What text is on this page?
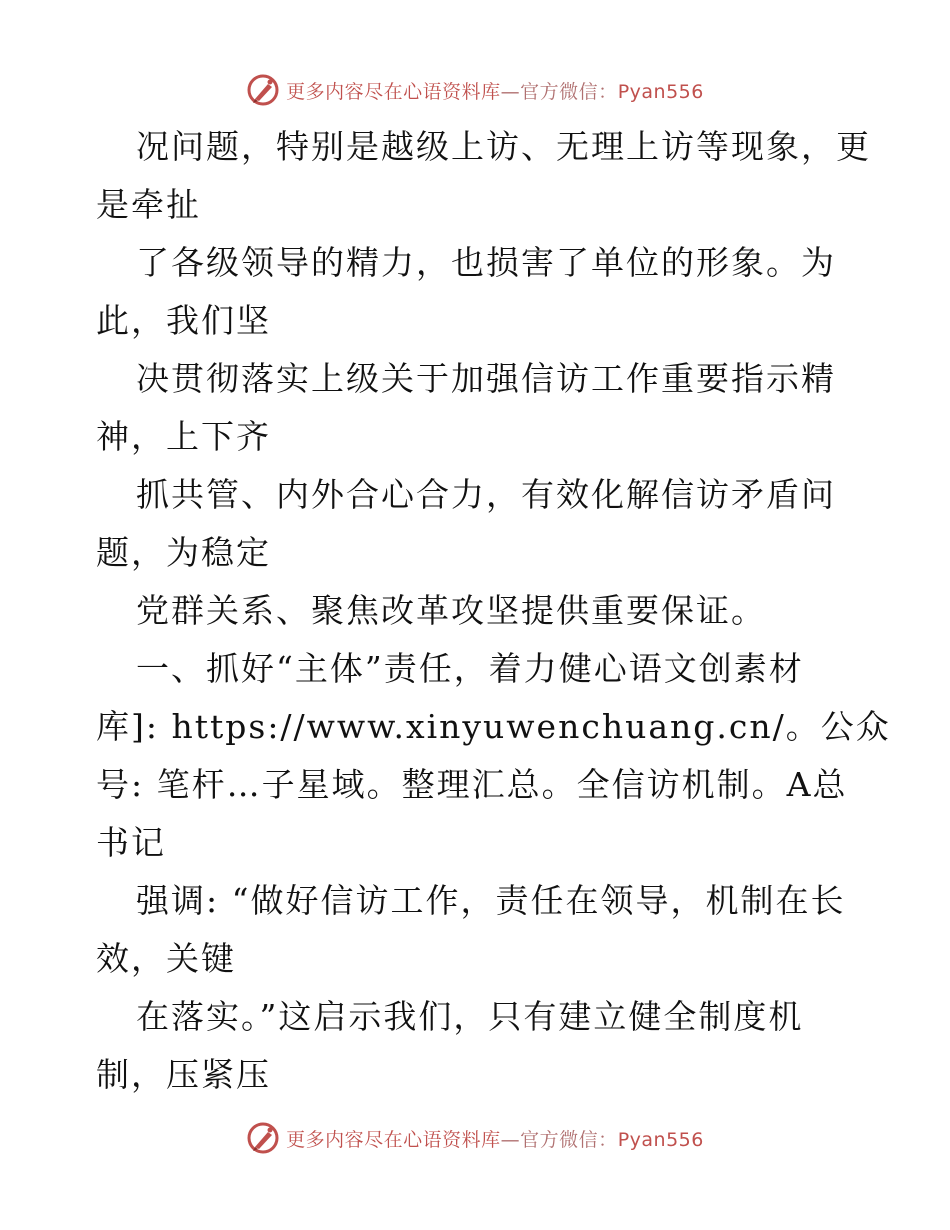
更多内容尽在心语资料库—官方微信：Pyan556
况问题，特别是越级上访、无理上访等现象，更
是牵扯
了各级领导的精力，也损害了单位的形象。为
此，我们坚
决贯彻落实上级关于加强信访工作重要指示精
神，上下齐
抓共管、内外合心合力，有效化解信访矛盾问
题，为稳定
党群关系、聚焦改革攻坚提供重要保证。
一、抓好“主体”责任，着力健心语文创素材
库]: https://www.xinyuwenchuang.cn/。公众
号: 笔杆…子星域。整理汇总。全信访机制。A总
书记
强调: “做好信访工作，责任在领导，机制在长
效，关键
在落实。”这启示我们，只有建立健全制度机
制，压紧压
更多内容尽在心语资料库—官方微信：Pyan556
